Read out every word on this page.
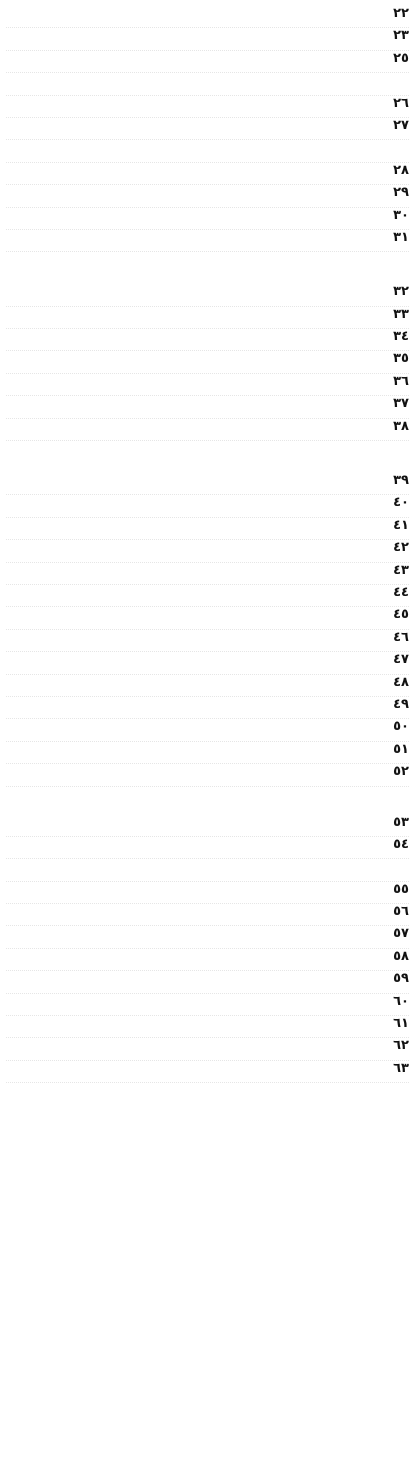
٢٢
٢٣
٢٥
٢٦
٢٧
٢٨
٢٩
٣٠
٣١
٣٢
٣٣
٣٤
٣٥
٣٦
٣٧
٣٨
٣٩
٤٠
٤١
٤٢
٤٣
٤٤
٤٥
٤٦
٤٧
٤٨
٤٩
٥٠
٥١
٥٢
٥٣
٥٤
٥٥
٥٦
٥٧
٥٨
٥٩
٦٠
٦١
٦٢
٦٣
